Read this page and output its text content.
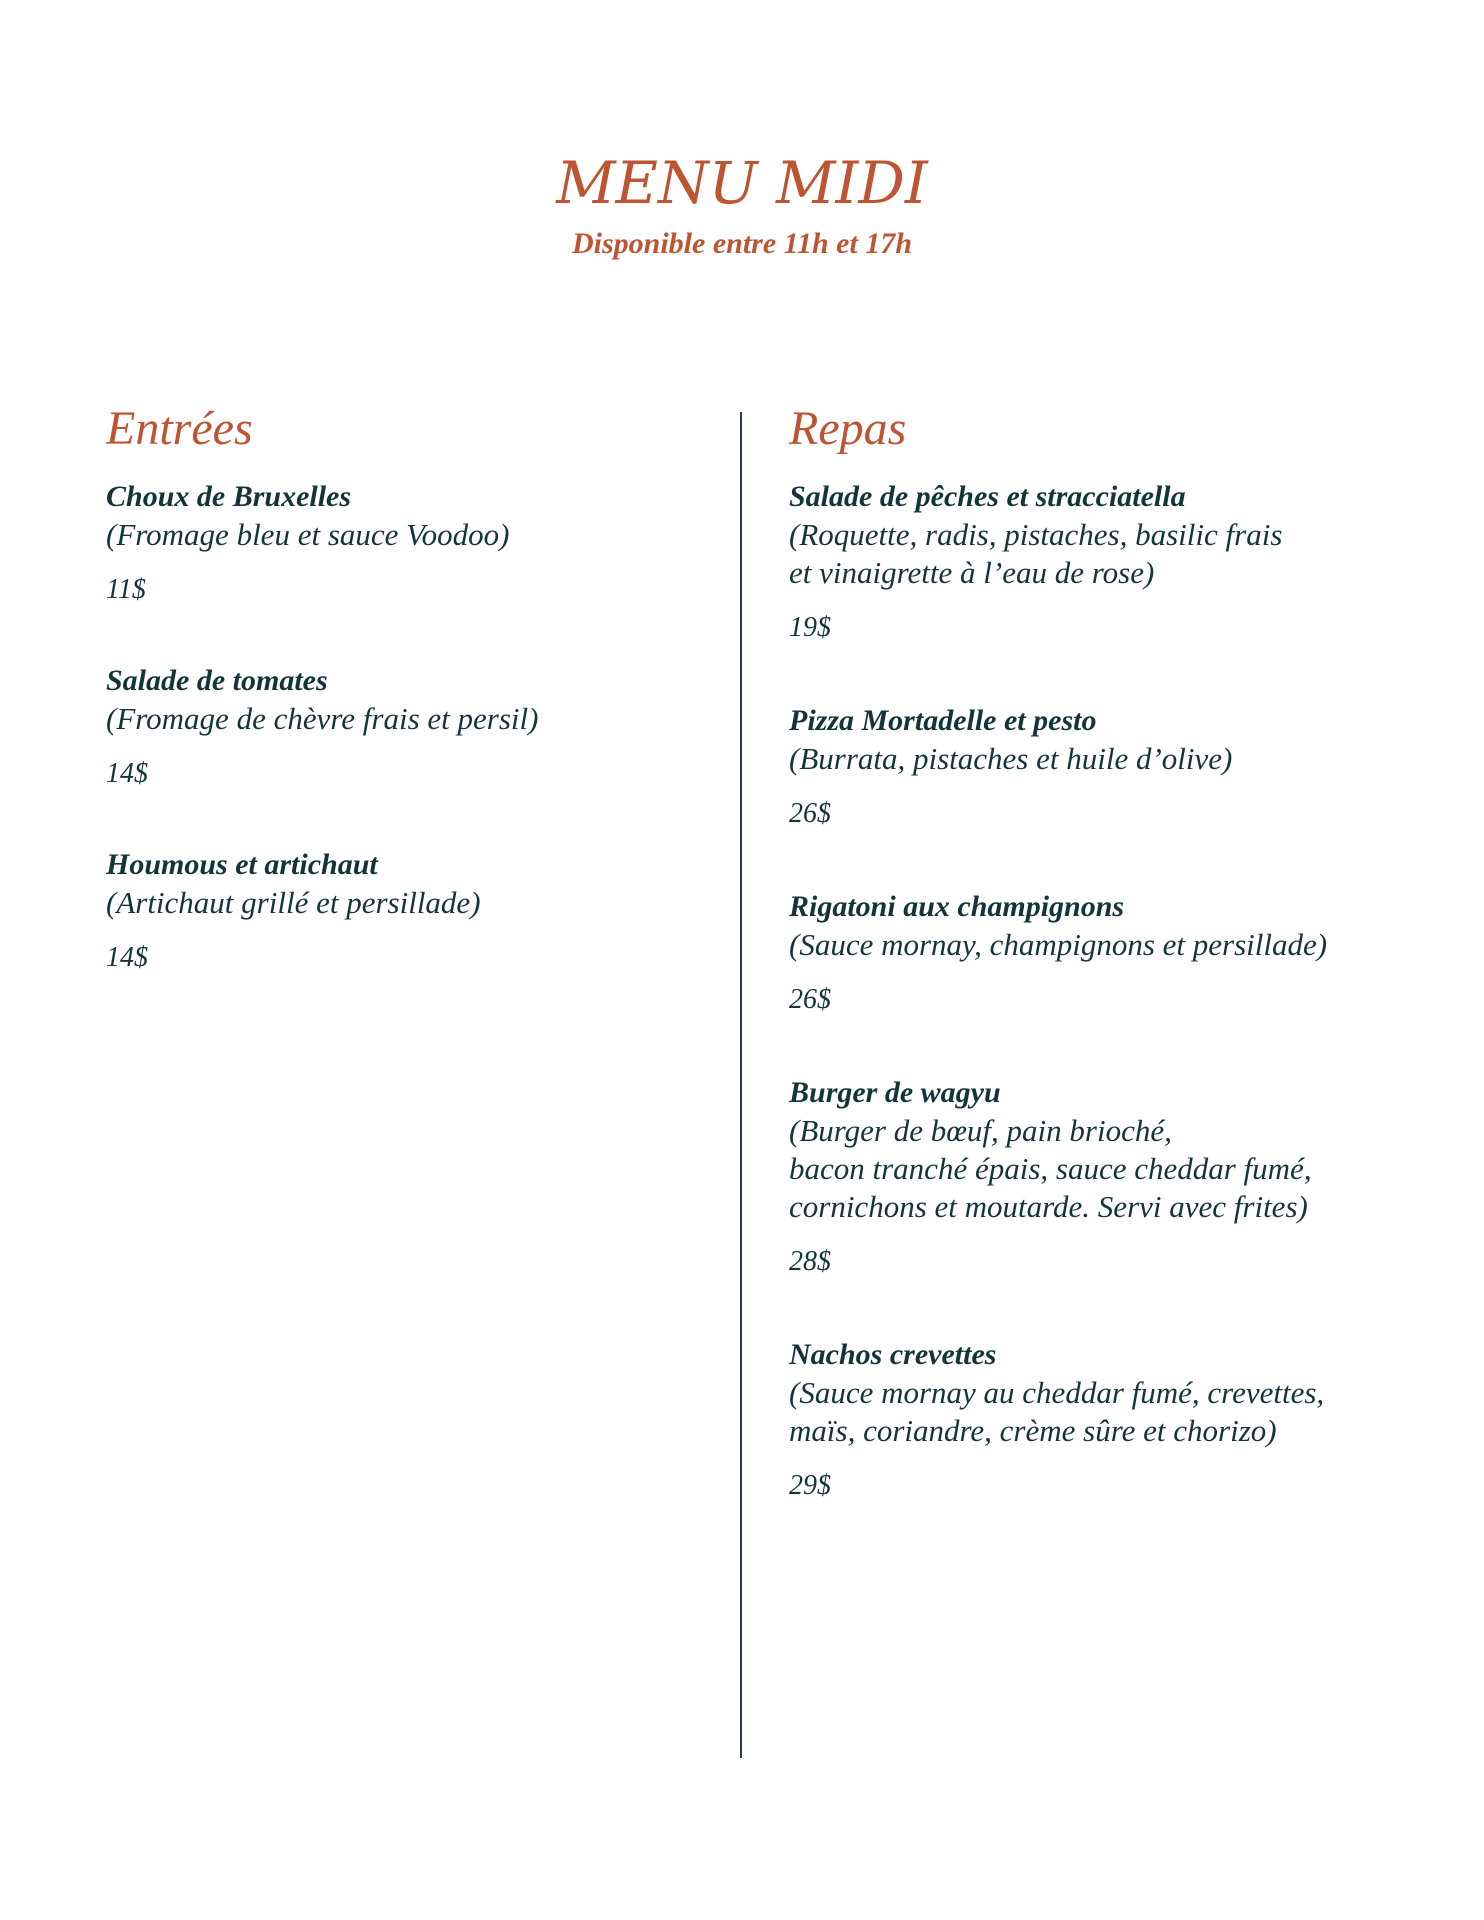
MENU MIDI
Disponible entre 11h et 17h
Entrées
Choux de Bruxelles
(Fromage bleu et sauce Voodoo)
11$
Salade de tomates
(Fromage de chèvre frais et persil)
14$
Houmous et artichaut
(Artichaut grillé et persillade)
14$
Repas
Salade de pêches et stracciatella
(Roquette, radis, pistaches, basilic frais
et vinaigrette à l’eau de rose)
19$
Pizza Mortadelle et pesto
(Burrata, pistaches et huile d’olive)
26$
Rigatoni aux champignons
(Sauce mornay, champignons et persillade)
26$
Burger de wagyu
(Burger de bœuf, pain brioché,
bacon tranché épais, sauce cheddar fumé,
cornichons et moutarde. Servi avec frites)
28$
Nachos crevettes
(Sauce mornay au cheddar fumé, crevettes,
maïs, coriandre, crème sûre et chorizo)
29$
